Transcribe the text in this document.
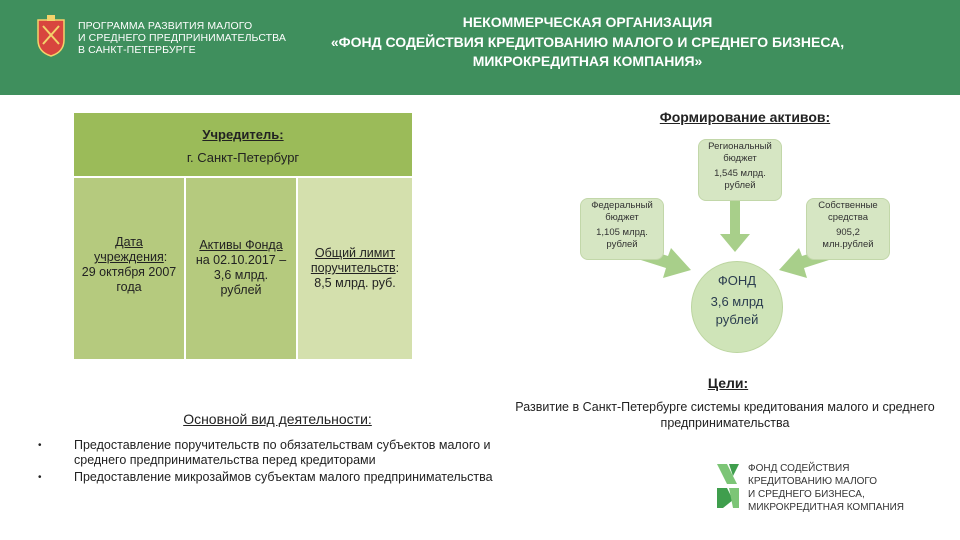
ПРОГРАММА РАЗВИТИЯ МАЛОГО
И СРЕДНЕГО ПРЕДПРИНИМАТЕЛЬСТВА
В САНКТ-ПЕТЕРБУРГЕ
НЕКОММЕРЧЕСКАЯ ОРГАНИЗАЦИЯ
«ФОНД СОДЕЙСТВИЯ КРЕДИТОВАНИЮ МАЛОГО И СРЕДНЕГО БИЗНЕСА,
МИКРОКРЕДИТНАЯ КОМПАНИЯ»
Учредитель:
г. Санкт-Петербург
Дата учреждения:
29 октября 2007 года
Активы Фонда
на 02.10.2017 – 3,6 млрд. рублей
Общий лимит
поручительств:
8,5 млрд. руб.
Формирование активов:
Региональный
бюджет
1,545 млрд.
рублей
Федеральный
бюджет
1,105 млрд.
рублей
Собственные
средства
905,2
млн.рублей
ФОНД
3,6 млрд
рублей
Цели:
Развитие в Санкт-Петербурге системы кредитования малого и среднего предпринимательства
Основной вид деятельности:
•	Предоставление поручительств по обязательствам субъектов малого и среднего предпринимательства перед кредиторами
•	Предоставление микрозаймов субъектам малого предпринимательства
ФОНД СОДЕЙСТВИЯ
КРЕДИТОВАНИЮ МАЛОГО
И СРЕДНЕГО БИЗНЕСА,
МИКРОКРЕДИТНАЯ КОМПАНИЯ
